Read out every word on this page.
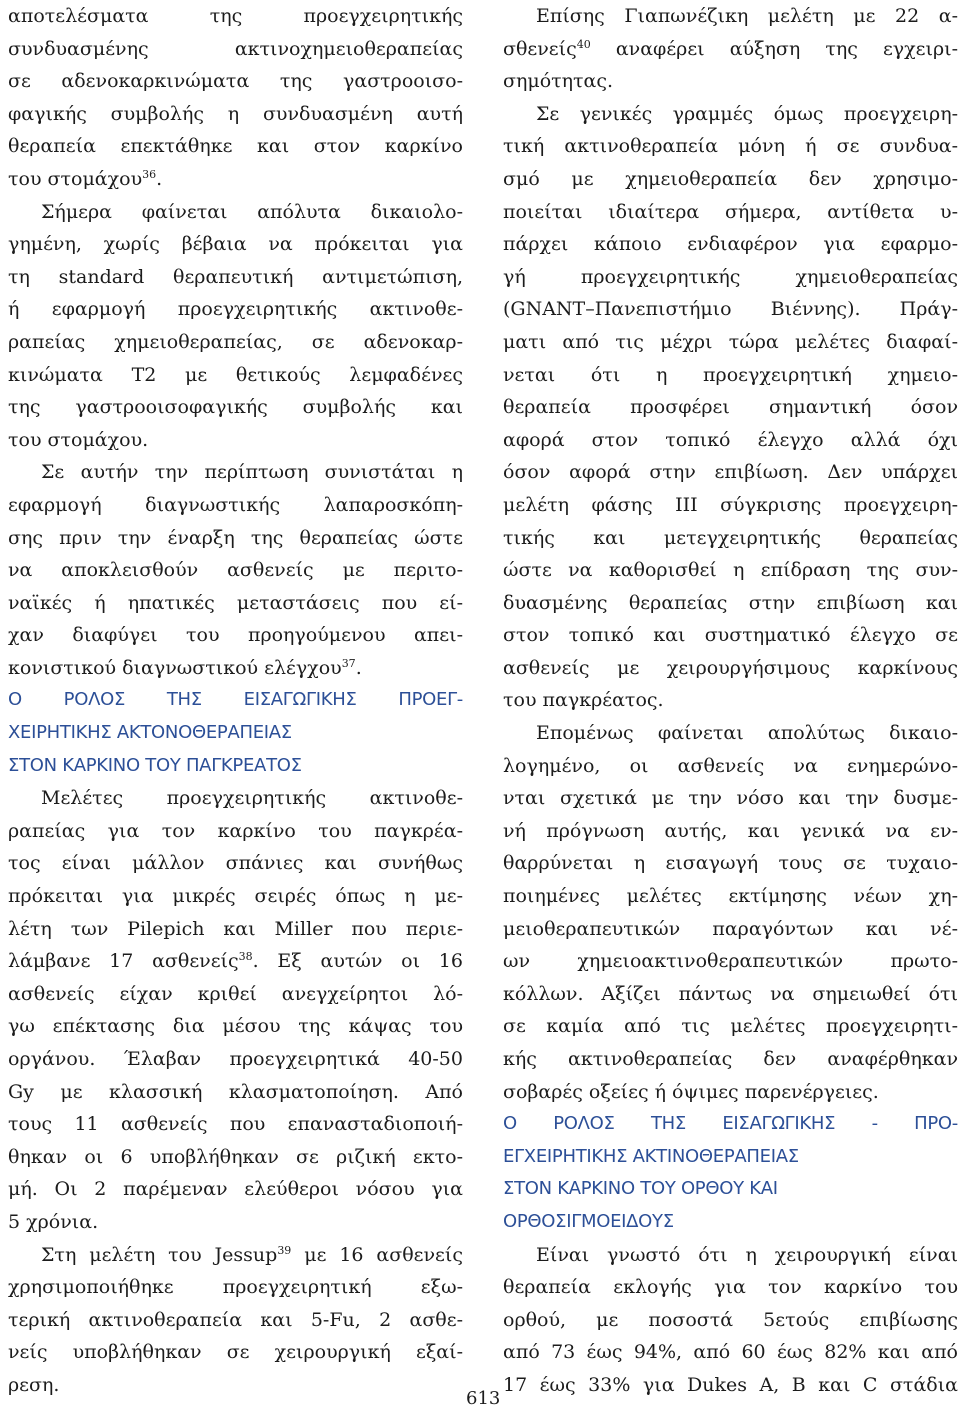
αποτελέσματα της προεγχειρητικής
συνδυασμένης ακτινοχημειοθεραπείας
σε αδενοκαρκινώματα της γαστροοισο-
φαγικής συμβολής η συνδυασμένη αυτή
θεραπεία επεκτάθηκε και στον καρκίνο
του στομάχου$^{36}$.
Σήμερα φαίνεται απόλυτα δικαιολο-
γημένη, χωρίς βέβαια να πρόκειται για
τη standard θεραπευτική αντιμετώπιση,
ή εφαρμογή προεγχειρητικής ακτινοθε-
ραπείας χημειοθεραπείας, σε αδενοκαρ-
κινώματα Τ2 με θετικούς λεμφαδένες
της γαστροοισοφαγικής συμβολής και
του στομάχου.
Σε αυτήν την περίπτωση συνιστάται η
εφαρμογή διαγνωστικής λαπαροσκόπη-
σης πριν την έναρξη της θεραπείας ώστε
να αποκλεισθούν ασθενείς με περιτο-
ναϊκές ή ηπατικές μεταστάσεις που εί-
χαν διαφύγει του προηγούμενου απει-
κονιστικού διαγνωστικού ελέγχου$^{37}$.
Ο ΡΟΛΟΣ ΤΗΣ ΕΙΣΑΓΩΓΙΚΗΣ ΠΡΟΕΓ-
ΧΕΙΡΗΤΙΚΗΣ ΑΚΤΟΝΟΘΕΡΑΠΕΙΑΣ
ΣΤΟΝ ΚΑΡΚΙΝΟ ΤΟΥ ΠΑΓΚΡΕΑΤΟΣ
Μελέτες προεγχειρητικής ακτινοθε-
ραπείας για τον καρκίνο του παγκρέα-
τος είναι μάλλον σπάνιες και συνήθως
πρόκειται για μικρές σειρές όπως η με-
λέτη των Pilepich και Miller που περιε-
λάμβανε 17 ασθενείς$^{38}$. Εξ αυτών οι 16
ασθενείς είχαν κριθεί ανεγχείρητοι λό-
γω επέκτασης δια μέσου της κάψας του
οργάνου. Έλαβαν προεγχειρητικά 40-50
Gy με κλασσική κλασματοποίηση. Από
τους 11 ασθενείς που επανασταδιοποιή-
θηκαν οι 6 υποβλήθηκαν σε ριζική εκτο-
μή. Οι 2 παρέμεναν ελεύθεροι νόσου για
5 χρόνια.
Στη μελέτη του Jessup$^{39}$ με 16 ασθενείς
χρησιμοποιήθηκε προεγχειρητική εξω-
τερική ακτινοθεραπεία και 5-Fu, 2 ασθε-
νείς υποβλήθηκαν σε χειρουργική εξαί-
ρεση.
Επίσης Γιαπωνέζικη μελέτη με 22 α-
σθενείς$^{40}$ αναφέρει αύξηση της εγχειρι-
σημότητας.
Σε γενικές γραμμές όμως προεγχειρη-
τική ακτινοθεραπεία μόνη ή σε συνδυα-
σμό με χημειοθεραπεία δεν χρησιμο-
ποιείται ιδιαίτερα σήμερα, αντίθετα υ-
πάρχει κάποιο ενδιαφέρον για εφαρμο-
γή προεγχειρητικής χημειοθεραπείας
(GNANT–Πανεπιστήμιο Βιέννης). Πράγ-
ματι από τις μέχρι τώρα μελέτες διαφαί-
νεται ότι η προεγχειρητική χημειο-
θεραπεία προσφέρει σημαντική όσον
αφορά στον τοπικό έλεγχο αλλά όχι
όσον αφορά στην επιβίωση. Δεν υπάρχει
μελέτη φάσης ΙΙΙ σύγκρισης προεγχειρη-
τικής και μετεγχειρητικής θεραπείας
ώστε να καθορισθεί η επίδραση της συν-
δυασμένης θεραπείας στην επιβίωση και
στον τοπικό και συστηματικό έλεγχο σε
ασθενείς με χειρουργήσιμους καρκίνους
του παγκρέατος.
Επομένως φαίνεται απολύτως δικαιο-
λογημένο, οι ασθενείς να ενημερώνο-
νται σχετικά με την νόσο και την δυσμε-
νή πρόγνωση αυτής, και γενικά να εν-
θαρρύνεται η εισαγωγή τους σε τυχαιο-
ποιημένες μελέτες εκτίμησης νέων χη-
μειοθεραπευτικών παραγόντων και νέ-
ων χημειοακτινοθεραπευτικών πρωτο-
κόλλων. Αξίζει πάντως να σημειωθεί ότι
σε καμία από τις μελέτες προεγχειρητι-
κής ακτινοθεραπείας δεν αναφέρθηκαν
σοβαρές οξείες ή όψιμες παρενέργειες.
Ο ΡΟΛΟΣ ΤΗΣ ΕΙΣΑΓΩΓΙΚΗΣ - ΠΡΟ-
ΕΓΧΕΙΡΗΤΙΚΗΣ ΑΚΤΙΝΟΘΕΡΑΠΕΙΑΣ
ΣΤΟΝ ΚΑΡΚΙΝΟ ΤΟΥ ΟΡΘΟΥ ΚΑΙ
ΟΡΘΟΣΙΓΜΟΕΙΔΟΥΣ
Είναι γνωστό ότι η χειρουργική είναι
θεραπεία εκλογής για τον καρκίνο του
ορθού, με ποσοστά 5ετούς επιβίωσης
από 73 έως 94%, από 60 έως 82% και από
17 έως 33% για Dukes A, B και C στάδια
613
